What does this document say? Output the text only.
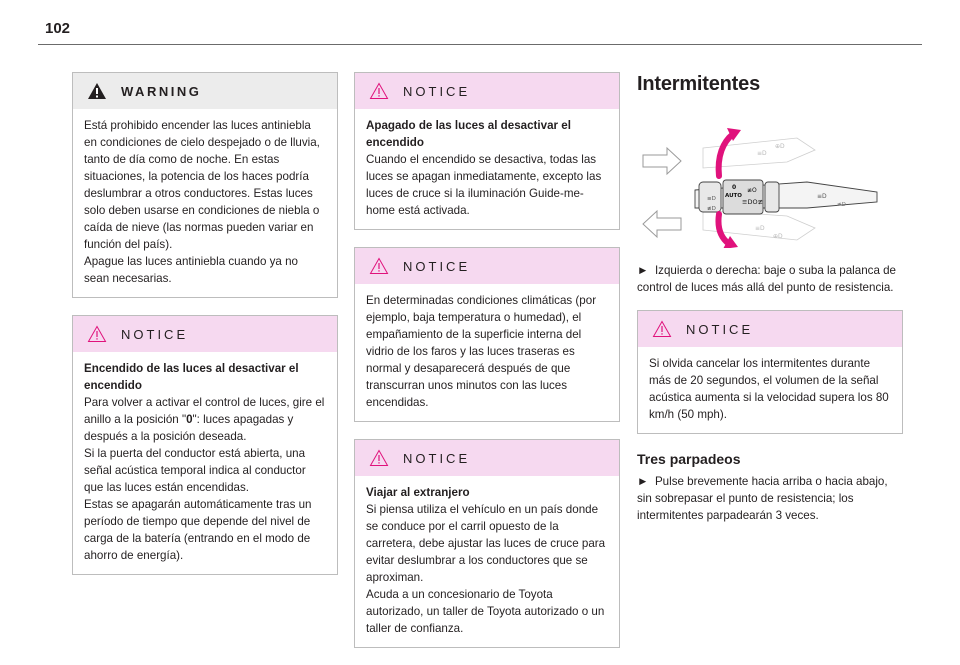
102
WARNING

Está prohibido encender las luces antiniebla en condiciones de cielo despejado o de lluvia, tanto de día como de noche. En estas situaciones, la potencia de los haces podría deslumbrar a otros conductores. Estas luces solo deben usarse en condiciones de niebla o caída de nieve (las normas pueden variar en función del país).

Apague las luces antiniebla cuando ya no sean necesarias.

NOTICE

Encendido de las luces al desactivar el encendido

Para volver a activar el control de luces, gire el anillo a la posición "0": luces apagadas y después a la posición deseada.

Si la puerta del conductor está abierta, una señal acústica temporal indica al conductor que las luces están encendidas.

Estas se apagarán automáticamente tras un período de tiempo que depende del nivel de carga de la batería (entrando en el modo de ahorro de energía).

NOTICE

Apagado de las luces al desactivar el encendido

Cuando el encendido se desactiva, todas las luces se apagan inmediatamente, excepto las luces de cruce si la iluminación Guide-me-home está activada.

NOTICE

En determinadas condiciones climáticas (por ejemplo, baja temperatura o humedad), el empañamiento de la superficie interna del vidrio de los faros y las luces traseras es normal y desaparecerá después de que transcurran unos minutos con las luces encendidas.

NOTICE

Viajar al extranjero

Si piensa utiliza el vehículo en un país donde se conduce por el carril opuesto de la carretera, debe ajustar las luces de cruce para evitar deslumbrar a los conductores que se aproximan.

Acuda a un concesionario de Toyota autorizado, un taller de Toyota autorizado o un taller de confianza.

Intermitentes
≡D
⊕D
≡D
⊕D
AUTO
0
≡DO≢
≢O
≡D
≡D
≢D
≢D

► Izquierda o derecha: baje o suba la palanca de control de luces más allá del punto de resistencia.

NOTICE

Si olvida cancelar los intermitentes durante más de 20 segundos, el volumen de la señal acústica aumenta si la velocidad supera los 80 km/h (50 mph).

Tres parpadeos

► Pulse brevemente hacia arriba o hacia abajo, sin sobrepasar el punto de resistencia; los intermitentes parpadearán 3 veces.
